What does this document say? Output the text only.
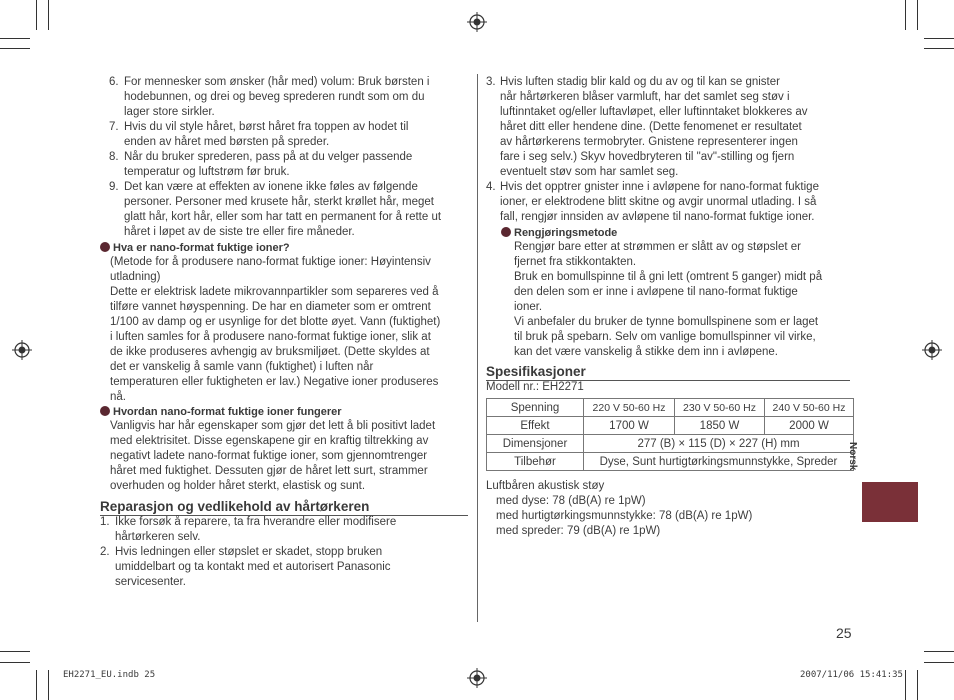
6. For mennesker som ønsker (hår med) volum: Bruk børsten i
hodebunnen, og drei og beveg sprederen rundt som om du
lager store sirkler.
7. Hvis du vil style håret, børst håret fra toppen av hodet til
enden av håret med børsten på spreder.
8. Når du bruker sprederen, pass på at du velger passende
temperatur og luftstrøm før bruk.
9. Det kan være at effekten av ionene ikke føles av følgende
personer. Personer med krusete hår, sterkt krøllet hår, meget
glatt hår, kort hår, eller som har tatt en permanent for å rette ut
håret i løpet av de siste tre eller fire måneder.
Hva er nano-format fuktige ioner?
(Metode for å produsere nano-format fuktige ioner: Høyintensiv
utladning)
Dette er elektrisk ladete mikrovannpartikler som separeres ved å
tilføre vannet høyspenning. De har en diameter som er omtrent
1/100 av damp og er usynlige for det blotte øyet. Vann (fuktighet)
i luften samles for å produsere nano-format fuktige ioner, slik at
de ikke produseres avhengig av bruksmiljøet. (Dette skyldes at
det er vanskelig å samle vann (fuktighet) i luften når
temperaturen eller fuktigheten er lav.) Negative ioner produseres
nå.
Hvordan nano-format fuktige ioner fungerer
Vanligvis har hår egenskaper som gjør det lett å bli positivt ladet
med elektrisitet. Disse egenskapene gir en kraftig tiltrekking av
negativt ladete nano-format fuktige ioner, som gjennomtrenger
håret med fuktighet. Dessuten gjør de håret lett surt, strammer
overhuden og holder håret sterkt, elastisk og sunt.
Reparasjon og vedlikehold av hårtørkeren
1. Ikke forsøk å reparere, ta fra hverandre eller modifisere
hårtørkeren selv.
2. Hvis ledningen eller støpslet er skadet, stopp bruken
umiddelbart og ta kontakt med et autorisert Panasonic
servicesenter.
3. Hvis luften stadig blir kald og du av og til kan se gnister
når hårtørkeren blåser varmluft, har det samlet seg støv i
luftinntaket og/eller luftavløpet, eller luftinntaket blokkeres av
håret ditt eller hendene dine. (Dette fenomenet er resultatet
av hårtørkerens termobryter. Gnistene representerer ingen
fare i seg selv.) Skyv hovedbryteren til "av"-stilling og fjern
eventuelt støv som har samlet seg.
4. Hvis det opptrer gnister inne i avløpene for nano-format fuktige
ioner, er elektrodene blitt skitne og avgir unormal utlading. I så
fall, rengjør innsiden av avløpene til nano-format fuktige ioner.
Rengjøringsmetode
Rengjør bare etter at strømmen er slått av og støpslet er
fjernet fra stikkontakten.
Bruk en bomullspinne til å gni lett (omtrent 5 ganger) midt på
den delen som er inne i avløpene til nano-format fuktige
ioner.
Vi anbefaler du bruker de tynne bomullspinene som er laget
til bruk på spebarn. Selv om vanlige bomullspinner vil virke,
kan det være vanskelig å stikke dem inn i avløpene.
Spesifikasjoner
Modell nr.: EH2271
Spenning	220 V 50-60 Hz	230 V 50-60 Hz	240 V 50-60 Hz
Effekt	1700 W	1850 W	2000 W
Dimensjoner	277 (B) × 115 (D) × 227 (H) mm		
Tilbehør	Dyse, Sunt hurtigtørkingsmunnstykke, Spreder		
Luftbåren akustisk støy
med dyse: 78 (dB(A) re 1pW)
med hurtigtørkingsmunnstykke: 78 (dB(A) re 1pW)
med spreder: 79 (dB(A) re 1pW)
Norsk
25
EH2271_EU.indb 25	2007/11/06 15:41:35
